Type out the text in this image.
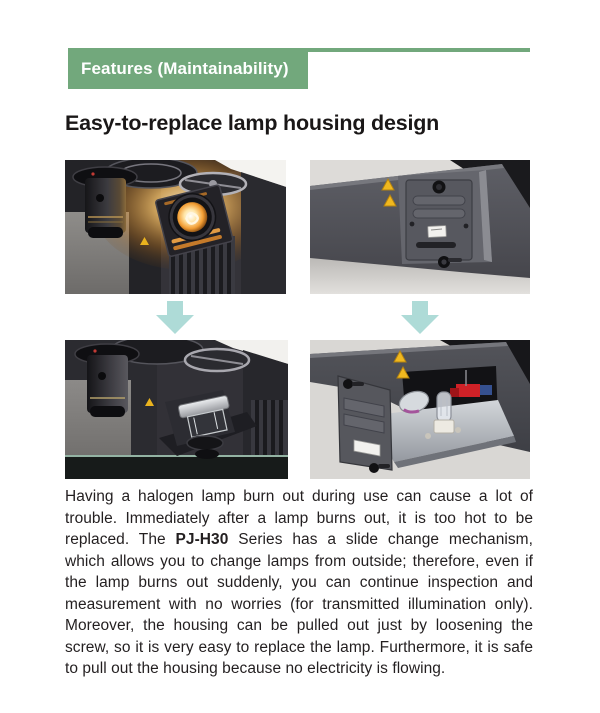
Features (Maintainability)
Easy-to-replace lamp housing design

Having a halogen lamp burn out during use can cause a lot of trouble. Immediately after a lamp burns out, it is too hot to be replaced. The PJ-H30 Series has a slide change mechanism, which allows you to change lamps from outside; therefore, even if the lamp burns out suddenly, you can continue inspection and measurement with no worries (for transmitted illumination only). Moreover, the housing can be pulled out just by loosening the screw, so it is very easy to replace the lamp. Furthermore, it is safe to pull out the housing because no electricity is flowing.
